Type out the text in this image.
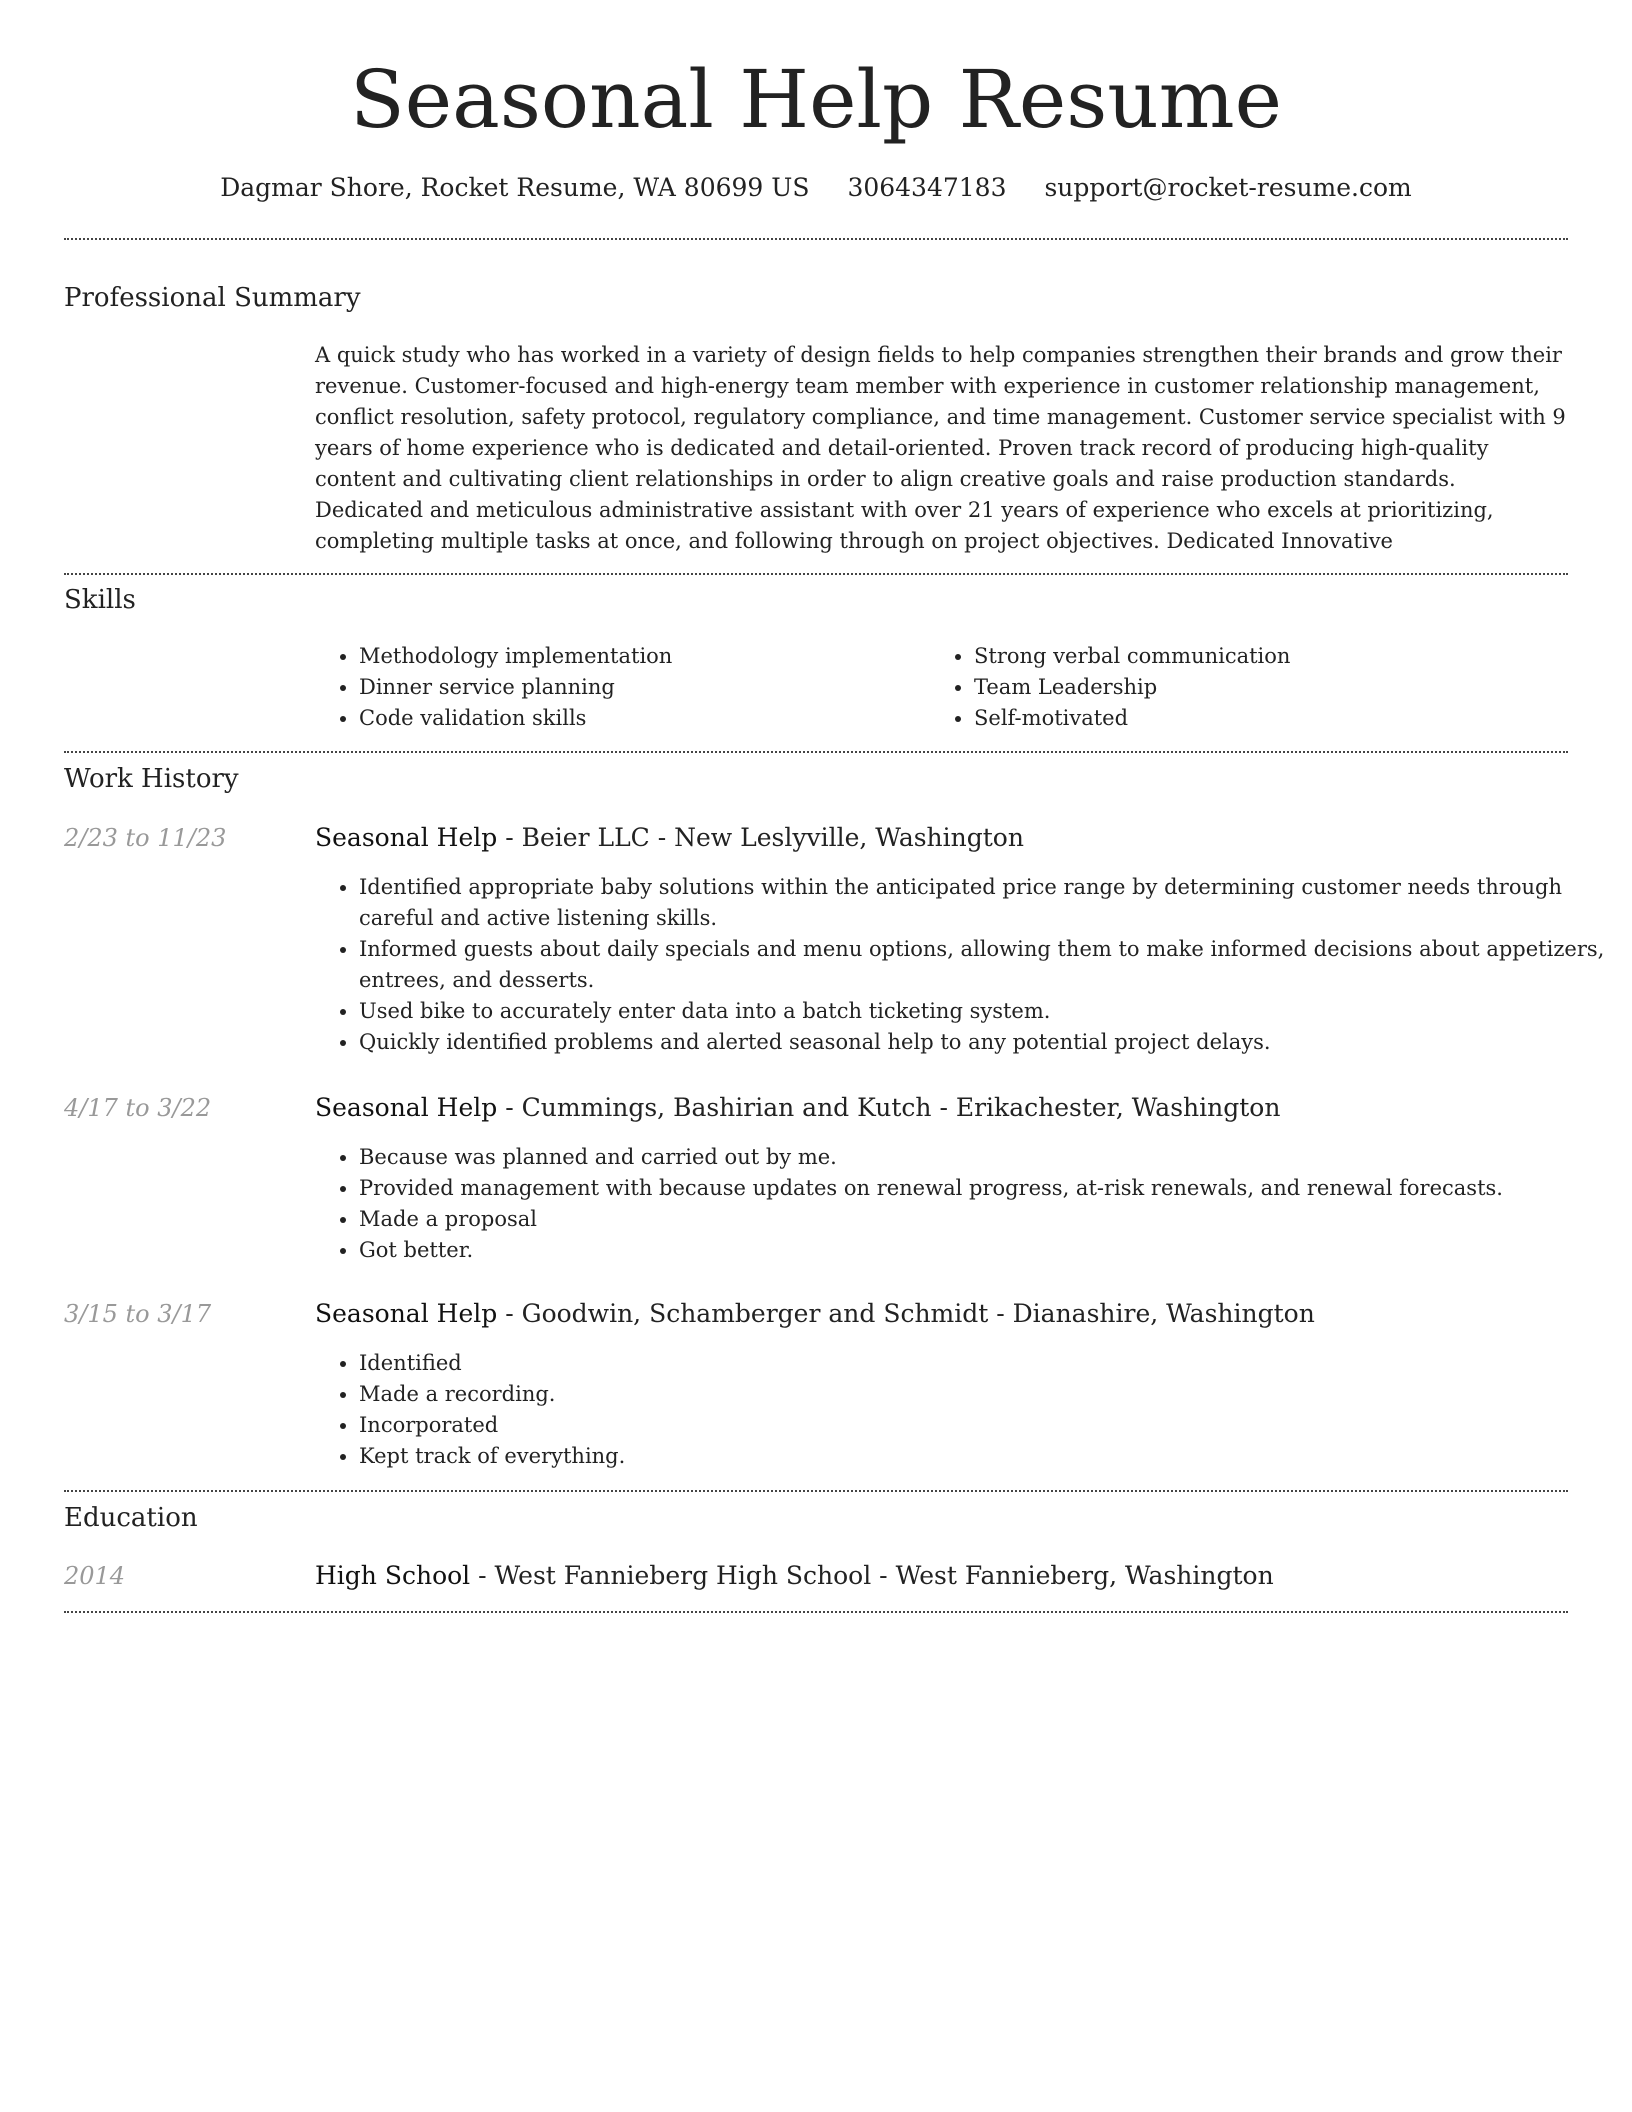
Seasonal Help Resume
Dagmar Shore, Rocket Resume, WA 80699 US 3064347183 support@rocket-resume.com
Professional Summary
A quick study who has worked in a variety of design fields to help companies strengthen their brands and grow their revenue. Customer-focused and high-energy team member with experience in customer relationship management, conflict resolution, safety protocol, regulatory compliance, and time management. Customer service specialist with 9 years of home experience who is dedicated and detail-oriented. Proven track record of producing high-quality content and cultivating client relationships in order to align creative goals and raise production standards. Dedicated and meticulous administrative assistant with over 21 years of experience who excels at prioritizing, completing multiple tasks at once, and following through on project objectives. Dedicated Innovative
Skills
• Methodology implementation
• Dinner service planning
• Code validation skills
• Strong verbal communication
• Team Leadership
• Self-motivated
Work History
2/23 to 11/23	Seasonal Help - Beier LLC - New Leslyville, Washington
• Identified appropriate baby solutions within the anticipated price range by determining customer needs through careful and active listening skills.
• Informed guests about daily specials and menu options, allowing them to make informed decisions about appetizers, entrees, and desserts.
• Used bike to accurately enter data into a batch ticketing system.
• Quickly identified problems and alerted seasonal help to any potential project delays.
4/17 to 3/22	Seasonal Help - Cummings, Bashirian and Kutch - Erikachester, Washington
• Because was planned and carried out by me.
• Provided management with because updates on renewal progress, at-risk renewals, and renewal forecasts.
• Made a proposal
• Got better.
3/15 to 3/17	Seasonal Help - Goodwin, Schamberger and Schmidt - Dianashire, Washington
• Identified
• Made a recording.
• Incorporated
• Kept track of everything.
Education
2014	High School - West Fannieberg High School - West Fannieberg, Washington
